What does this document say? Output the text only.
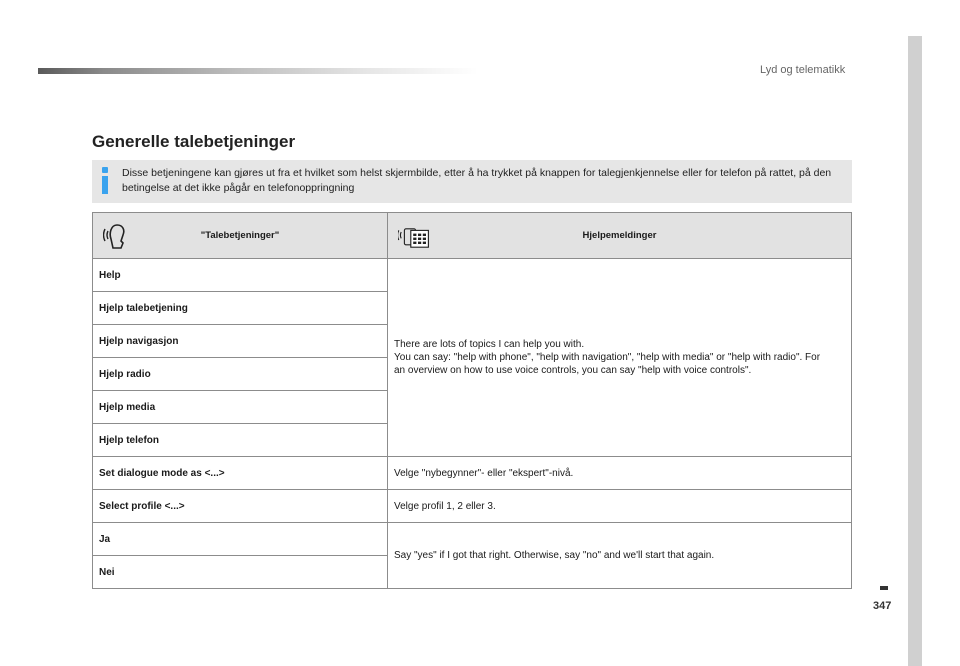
Lyd og telematikk
347
Generelle talebetjeninger
Disse betjeningene kan gjøres ut fra et hvilket som helst skjermbilde, etter å ha trykket på knappen for talegjenkjennelse eller for telefon på rattet, på den betingelse at det ikke pågår en telefonoppringning
"Talebetjeninger"	Hjelpemeldinger

Help	There are lots of topics I can help you with.
You can say: "help with phone", "help with navigation", "help with media" or "help with radio". For an overview on how to use voice controls, you can say "help with voice controls".

Hjelp talebetjening	
Hjelp navigasjon	
Hjelp radio	
Hjelp media	
Hjelp telefon	
Set dialogue mode as <...>	Velge "nybegynner"- eller "ekspert"-nivå.
Select profile <...>	Velge profil 1, 2 eller 3.
Ja	Say "yes" if I got that right. Otherwise, say "no" and we'll start that again.
Nei	
